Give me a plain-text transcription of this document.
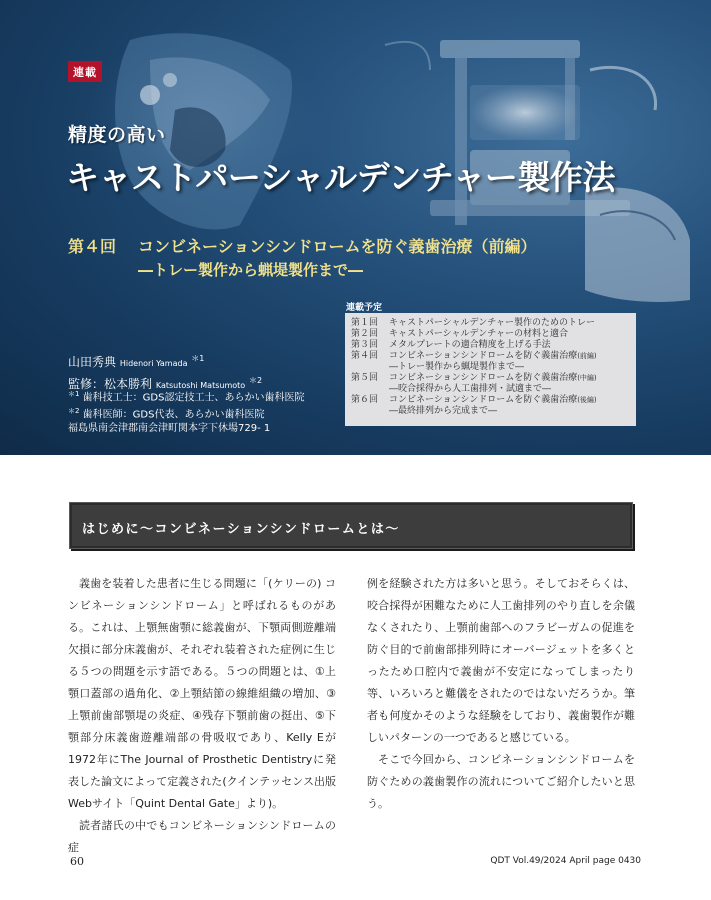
連載
精度の高い
キャストパーシャルデンチャー製作法
第４回 コンビネーションシンドロームを防ぐ義歯治療（前編）
―トレー製作から蝋堤製作まで―
山田秀典 Hidenori Yamada $^{*1}$
監修：松本勝利 Katsutoshi Matsumoto $^{*2}$
$^{*1}$ 歯科技工士：GDS認定技工士、あらかい歯科医院
$^{*2}$ 歯科医師：GDS代表、あらかい歯科医院
福島県南会津郡南会津町関本字下休場729- 1
連載予定
第１回	キャストパーシャルデンチャー製作のためのトレー
第２回	キャストパーシャルデンチャーの材料と適合
第３回	メタルプレートの適合精度を上げる手法
第４回	コンビネーションシンドロームを防ぐ義歯治療 (前編)
―トレー製作から蝋堤製作まで―
第５回	コンビネーションシンドロームを防ぐ義歯治療 (中編)
―咬合採得から人工歯排列・試適まで―
第６回	コンビネーションシンドロームを防ぐ義歯治療 (後編)
―最終排列から完成まで―
はじめに～コンビネーションシンドロームとは～

義歯を装着した患者に生じる問題に「(ケリーの) コンビネーションシンドローム」と呼ばれるものがある。これは、上顎無歯顎に総義歯が、下顎両側遊離端欠損に部分床義歯が、それぞれ装着された症例に生じる５つの問題を示す語である。５つの問題とは、①上顎口蓋部の過角化、②上顎結節の線維組織の増加、③上顎前歯部顎堤の炎症、④残存下顎前歯の挺出、⑤下顎部分床義歯遊離端部の骨吸収であり、Kelly Eが1972年にThe Journal of Prosthetic Dentistryに発表した論文によって定義された(クインテッセンス出版Webサイト「Quint Dental Gate」より)。

読者諸氏の中でもコンビネーションシンドロームの症

例を経験された方は多いと思う。そしておそらくは、咬合採得が困難なために人工歯排列のやり直しを余儀なくされたり、上顎前歯部へのフラビーガムの促進を防ぐ目的で前歯部排列時にオーバージェットを多くとったため口腔内で義歯が不安定になってしまったり等、いろいろと難儀をされたのではないだろうか。筆者も何度かそのような経験をしており、義歯製作が難しいパターンの一つであると感じている。

そこで今回から、コンビネーションシンドロームを防ぐための義歯製作の流れについてご紹介したいと思う。

60	QDT Vol.49/2024 April page 0430
